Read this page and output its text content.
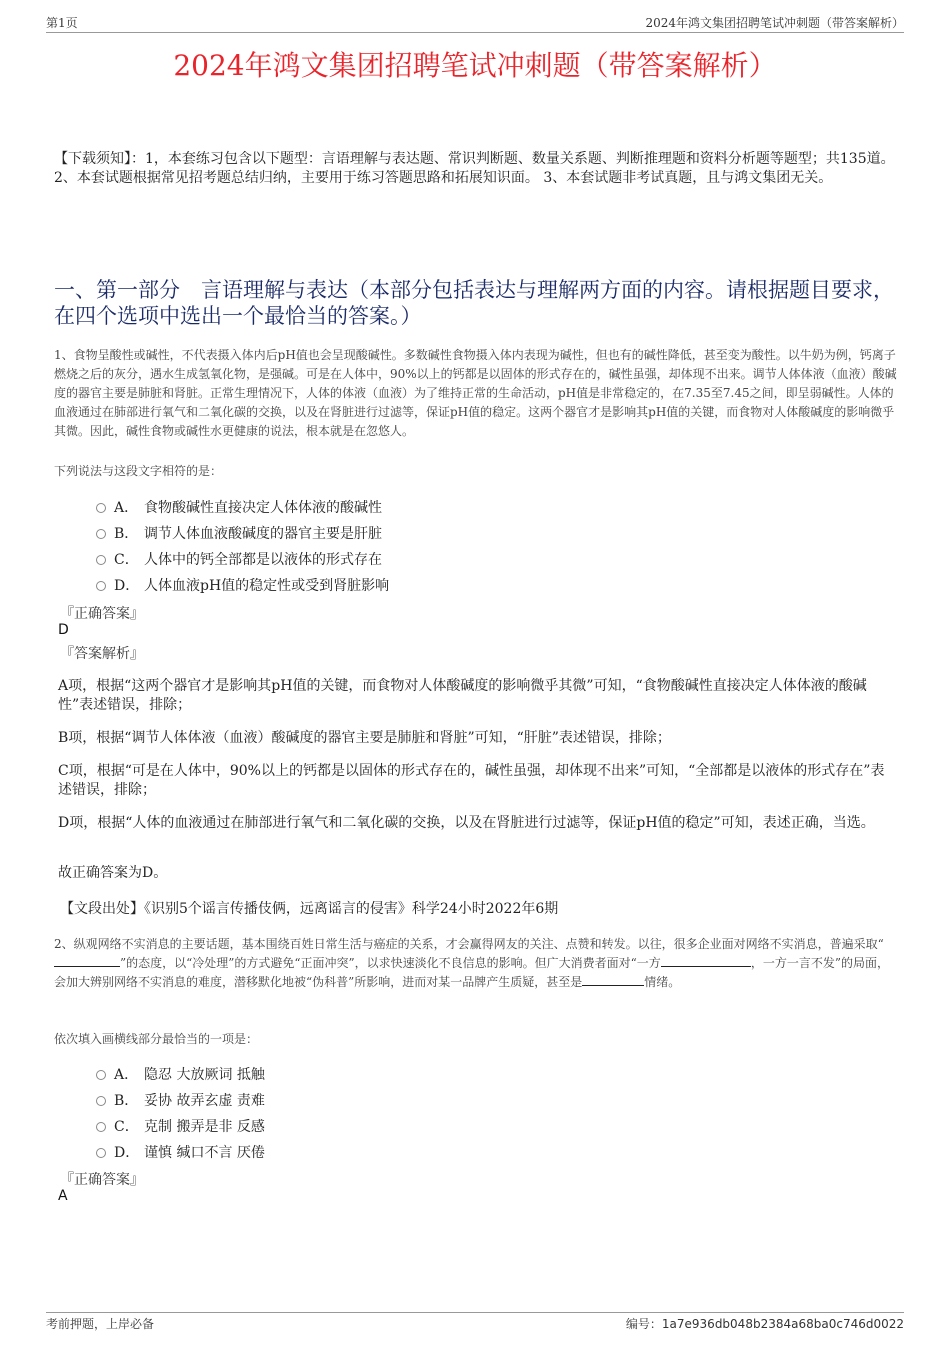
第1页	2024年鸿文集团招聘笔试冲刺题（带答案解析）
2024年鸿文集团招聘笔试冲刺题（带答案解析）
【下载须知】：1，本套练习包含以下题型：言语理解与表达题、常识判断题、数量关系题、判断推理题和资料分析题等题型；共135道。 2、本套试题根据常见招考题总结归纳，主要用于练习答题思路和拓展知识面。 3、本套试题非考试真题，且与鸿文集团无关。
一、第一部分　言语理解与表达（本部分包括表达与理解两方面的内容。请根据题目要求，在四个选项中选出一个最恰当的答案。）
1、食物呈酸性或碱性，不代表摄入体内后pH值也会呈现酸碱性。多数碱性食物摄入体内表现为碱性，但也有的碱性降低，甚至变为酸性。以牛奶为例，钙离子燃烧之后的灰分，遇水生成氢氧化物，是强碱。可是在人体中，90%以上的钙都是以固体的形式存在的，碱性虽强，却体现不出来。调节人体体液（血液）酸碱度的器官主要是肺脏和肾脏。正常生理情况下，人体的体液（血液）为了维持正常的生命活动，pH值是非常稳定的，在7.35至7.45之间，即呈弱碱性。人体的血液通过在肺部进行氧气和二氧化碳的交换，以及在肾脏进行过滤等，保证pH值的稳定。这两个器官才是影响其pH值的关键，而食物对人体酸碱度的影响微乎其微。因此，碱性食物或碱性水更健康的说法，根本就是在忽悠人。
下列说法与这段文字相符的是：
A． 食物酸碱性直接决定人体体液的酸碱性
B． 调节人体血液酸碱度的器官主要是肝脏
C． 人体中的钙全部都是以液体的形式存在
D． 人体血液pH值的稳定性或受到肾脏影响
『正确答案』
D
『答案解析』
A项，根据“这两个器官才是影响其pH值的关键，而食物对人体酸碱度的影响微乎其微”可知，“食物酸碱性直接决定人体体液的酸碱性”表述错误，排除；
B项，根据“调节人体体液（血液）酸碱度的器官主要是肺脏和肾脏”可知，“肝脏”表述错误，排除；
C项，根据“可是在人体中，90%以上的钙都是以固体的形式存在的，碱性虽强，却体现不出来”可知，“全部都是以液体的形式存在”表述错误，排除；
D项，根据“人体的血液通过在肺部进行氧气和二氧化碳的交换，以及在肾脏进行过滤等，保证pH值的稳定”可知，表述正确，当选。
故正确答案为D。
【文段出处】《识别5个谣言传播伎俩，远离谣言的侵害》科学24小时2022年6期
2、纵观网络不实消息的主要话题，基本围绕百姓日常生活与癌症的关系，才会赢得网友的关注、点赞和转发。以往，很多企业面对网络不实消息，普遍采取“”的态度，以“冷处理”的方式避免“正面冲突”，以求快速淡化不良信息的影响。但广大消费者面对“一方	，一方一言不发”的局面，会加大辨别网络不实消息的难度，潜移默化地被“伪科普”所影响，进而对某一品牌产生质疑，甚至是	情绪。
依次填入画横线部分最恰当的一项是：
A． 隐忍 大放厥词 抵触
B． 妥协 故弄玄虚 责难
C． 克制 搬弄是非 反感
D． 谨慎 缄口不言 厌倦
『正确答案』
A
考前押题，上岸必备	编号：1a7e936db048b2384a68ba0c746d0022
